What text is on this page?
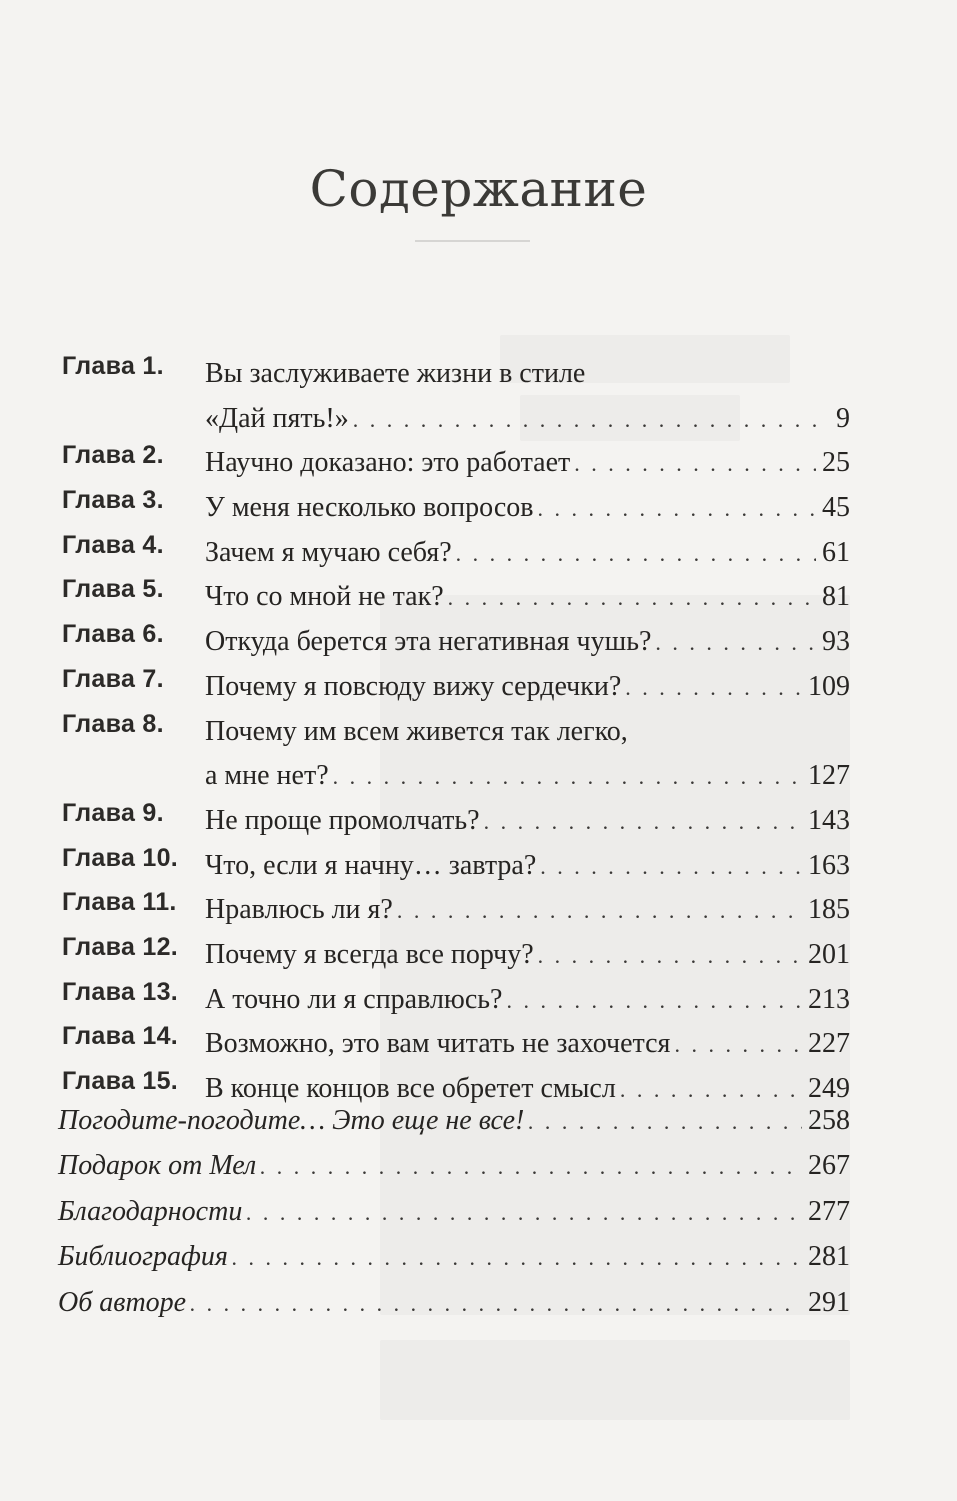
Содержание
Глава 1. Вы заслуживаете жизни в стиле
«Дай пять!» . . .	9
Глава 2. Научно доказано: это работает . . .	25
Глава 3. У меня несколько вопросов . . .	45
Глава 4. Зачем я мучаю себя? . . .	61
Глава 5. Что со мной не так? . . .	81
Глава 6. Откуда берется эта негативная чушь? . . .	93
Глава 7. Почему я повсюду вижу сердечки? . . .	109
Глава 8. Почему им всем живется так легко,
а мне нет? . . .	127
Глава 9. Не проще промолчать? . . .	143
Глава 10. Что, если я начну… завтра? . . .	163
Глава 11. Нравлюсь ли я? . . .	185
Глава 12. Почему я всегда все порчу? . . .	201
Глава 13. А точно ли я справлюсь? . . .	213
Глава 14. Возможно, это вам читать не захочется . . .	227
Глава 15. В конце концов все обретет смысл . . .	249
Погодите-погодите… Это еще не все! . . .	258
Подарок от Мел . . .	267
Благодарности . . .	277
Библиография . . .	281
Об авторе . . .	291
